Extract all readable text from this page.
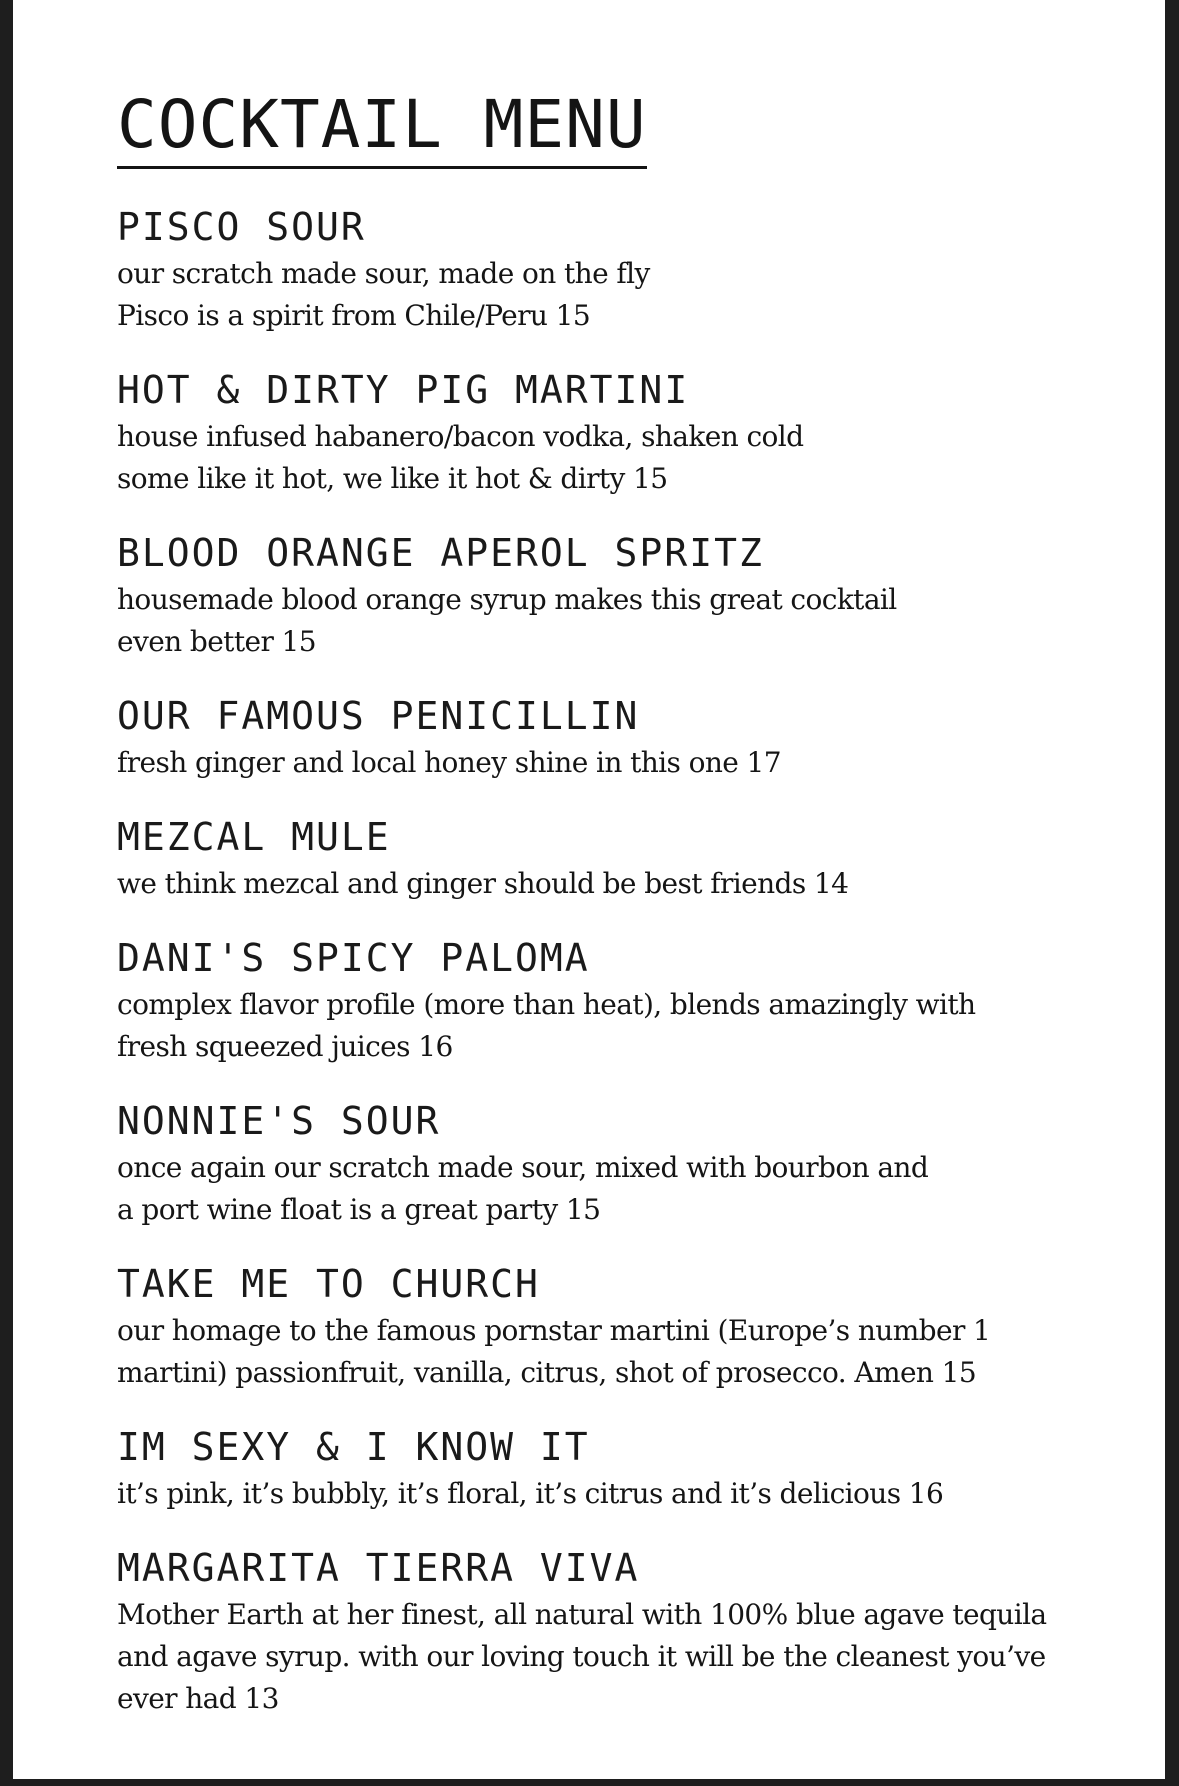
COCKTAIL MENU
PISCO SOUR

our scratch made sour, made on the fly
Pisco is a spirit from Chile/Peru 15

HOT & DIRTY PIG MARTINI

house infused habanero/bacon vodka, shaken cold
some like it hot, we like it hot & dirty 15

BLOOD ORANGE APEROL SPRITZ

housemade blood orange syrup makes this great cocktail
even better 15

OUR FAMOUS PENICILLIN

fresh ginger and local honey shine in this one 17

MEZCAL MULE

we think mezcal and ginger should be best friends 14

DANI'S SPICY PALOMA

complex flavor profile (more than heat), blends amazingly with
fresh squeezed juices 16

NONNIE'S SOUR

once again our scratch made sour, mixed with bourbon and
a port wine float is a great party 15

TAKE ME TO CHURCH

our homage to the famous pornstar martini (Europe’s number 1
martini) passionfruit, vanilla, citrus, shot of prosecco. Amen 15

IM SEXY & I KNOW IT

it’s pink, it’s bubbly, it’s floral, it’s citrus and it’s delicious 16

MARGARITA TIERRA VIVA

Mother Earth at her finest, all natural with 100% blue agave tequila
and agave syrup. with our loving touch it will be the cleanest you’ve
ever had 13
